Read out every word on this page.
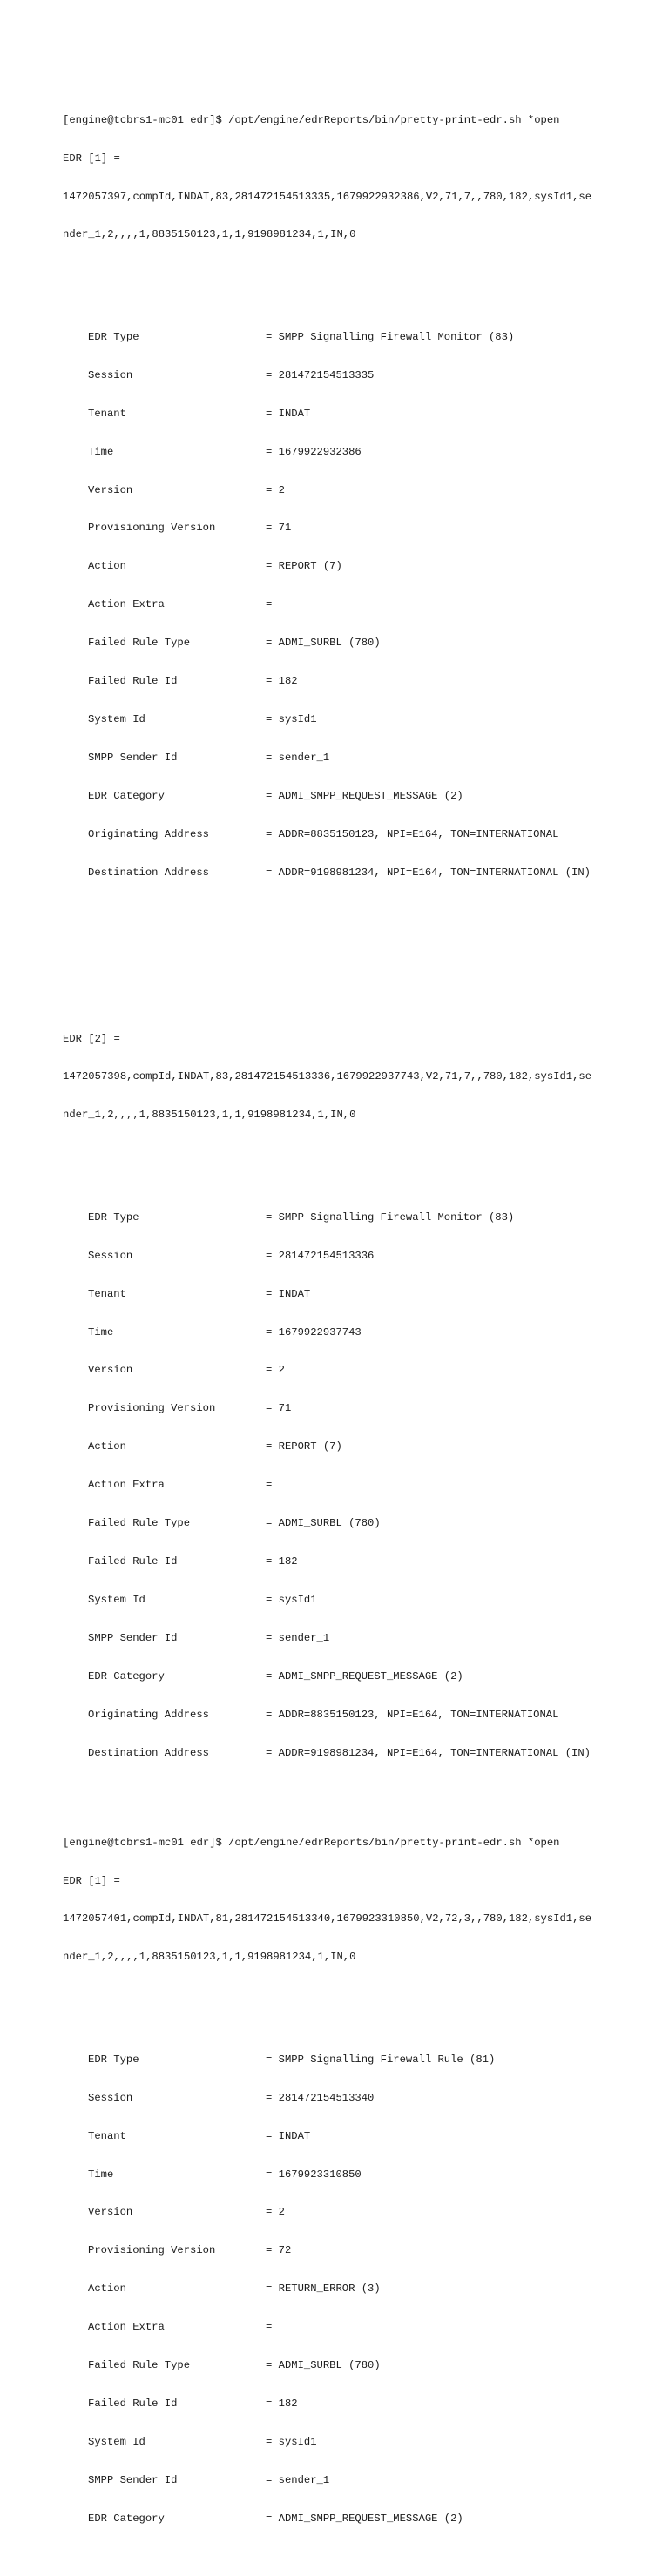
[engine@tcbrs1-mc01 edr]$ /opt/engine/edrReports/bin/pretty-print-edr.sh *open

EDR [1] =

1472057397,compId,INDAT,83,281472154513335,1679922932386,V2,71,7,,780,182,sysId1,se

nder_1,2,,,,1,8835150123,1,1,9198981234,1,IN,0

EDR Type	= SMPP Signalling Firewall Monitor (83)

Session	= 281472154513335

Tenant	= INDAT

Time	= 1679922932386

Version	= 2

Provisioning Version	= 71

Action	= REPORT (7)

Action Extra	=

Failed Rule Type	= ADMI_SURBL (780)

Failed Rule Id	= 182

System Id	= sysId1

SMPP Sender Id	= sender_1

EDR Category	= ADMI_SMPP_REQUEST_MESSAGE (2)

Originating Address	= ADDR=8835150123, NPI=E164, TON=INTERNATIONAL

Destination Address	= ADDR=9198981234, NPI=E164, TON=INTERNATIONAL (IN)

EDR [2] =

1472057398,compId,INDAT,83,281472154513336,1679922937743,V2,71,7,,780,182,sysId1,se

nder_1,2,,,,1,8835150123,1,1,9198981234,1,IN,0

EDR Type	= SMPP Signalling Firewall Monitor (83)

Session	= 281472154513336

Tenant	= INDAT

Time	= 1679922937743

Version	= 2

Provisioning Version	= 71

Action	= REPORT (7)

Action Extra	=

Failed Rule Type	= ADMI_SURBL (780)

Failed Rule Id	= 182

System Id	= sysId1

SMPP Sender Id	= sender_1

EDR Category	= ADMI_SMPP_REQUEST_MESSAGE (2)

Originating Address	= ADDR=8835150123, NPI=E164, TON=INTERNATIONAL

Destination Address	= ADDR=9198981234, NPI=E164, TON=INTERNATIONAL (IN)

[engine@tcbrs1-mc01 edr]$ /opt/engine/edrReports/bin/pretty-print-edr.sh *open

EDR [1] =

1472057401,compId,INDAT,81,281472154513340,1679923310850,V2,72,3,,780,182,sysId1,se

nder_1,2,,,,1,8835150123,1,1,9198981234,1,IN,0

EDR Type	= SMPP Signalling Firewall Rule (81)

Session	= 281472154513340

Tenant	= INDAT

Time	= 1679923310850

Version	= 2

Provisioning Version	= 72

Action	= RETURN_ERROR (3)

Action Extra	=

Failed Rule Type	= ADMI_SURBL (780)

Failed Rule Id	= 182

System Id	= sysId1

SMPP Sender Id	= sender_1

EDR Category	= ADMI_SMPP_REQUEST_MESSAGE (2)
